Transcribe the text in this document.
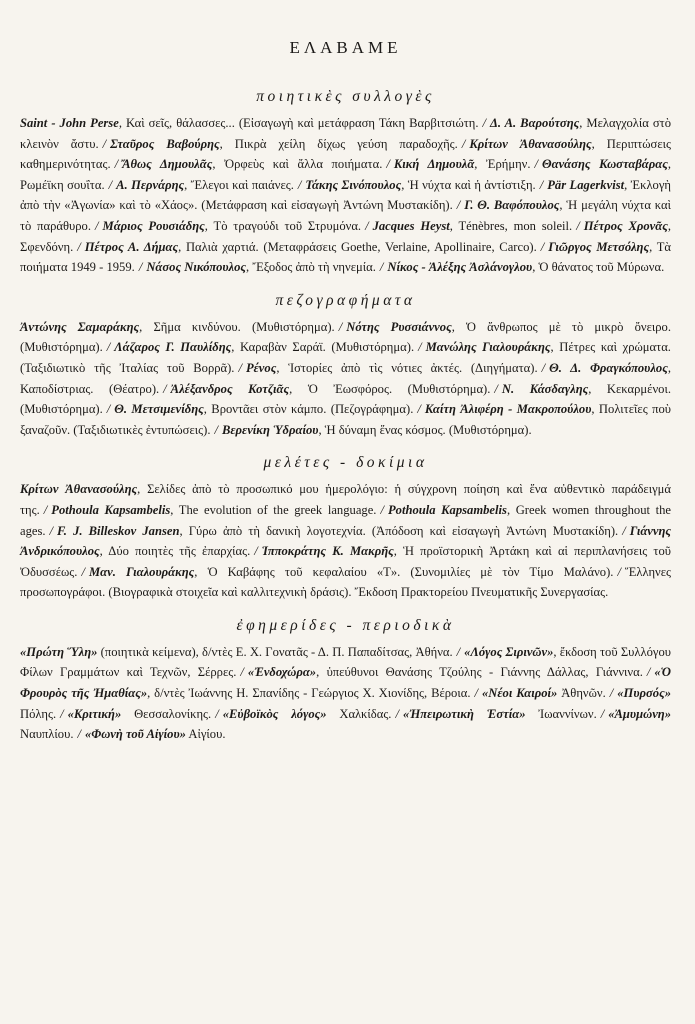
ΕΛΑΒΑΜΕ
ποιητικὲς συλλογὲς

Saint - John Perse, Καὶ σεῖς, θάλασσες... (Εἰσαγωγὴ καὶ μετάφραση Τάκη Βαρβιτσιώτη. / Δ. Α. Βαρούτσης, Μελαγχολία στὸ κλεινὸν ἄστυ. / Σταῦρος Βαβούρης, Πικρὰ χείλη δίχως γεύση παραδοχῆς. / Κρίτων Ἀθανασούλης, Περιπτώσεις καθημερινότητας. / Ἄθως Δημουλᾶς, Ὀρφεὺς καὶ ἄλλα ποιήματα. / Κική Δημουλᾶ, Ἐρήμην. / Θανάσης Κωσταβάρας, Ρωμέϊκη σουΐτα. / Α. Περνάρης, Ἔλεγοι καὶ παιάνες. / Τάκης Σινόπουλος, Ἡ νύχτα καὶ ἡ ἀντίστιξη. / Pär Lagerkvist, Ἐκλογὴ ἀπὸ τὴν «Ἀγωνία» καὶ τὸ «Χάος». (Μετάφραση καὶ εἰσαγωγὴ Ἀντώνη Μυστακίδη). / Γ. Θ. Βαφόπουλος, Ἡ μεγάλη νύχτα καὶ τὸ παράθυρο. / Μάριος Ρουσιάδης, Τὸ τραγούδι τοῦ Στρυμόνα. / Jacques Heyst, Ténèbres, mon soleil. / Πέτρος Χρονᾶς, Σφενδόνη. / Πέτρος Α. Δήμας, Παλιὰ χαρτιά. (Μεταφράσεις Goethe, Verlaine, Apollinaire, Carco). / Γιῶργος Μετσόλης, Τὰ ποιήματα 1949 - 1959. / Νάσος Νικόπουλος, Ἔξοδος ἀπὸ τὴ νηνεμία. / Νίκος - Ἀλέξης Ἀσλάνογλου, Ὁ θάνατος τοῦ Μύρωνα.

πεζογραφήματα

Ἀντώνης Σαμαράκης, Σῆμα κινδύνου. (Μυθιστόρημα). / Νότης Ρυσσιάννος, Ὁ ἄνθρωπος μὲ τὸ μικρὸ ὄνειρο. (Μυθιστόρημα). / Λάζαρος Γ. Παυλίδης, Καραβὰν Σαράϊ. (Μυθιστόρημα). / Μανώλης Γιαλουράκης, Πέτρες καὶ χρώματα. (Ταξιδιωτικὸ τῆς Ἰταλίας τοῦ Βορρᾶ). / Ρένος, Ἱστορίες ἀπὸ τὶς νότιες ἀκτές. (Διηγήματα). / Θ. Δ. Φραγκόπουλος, Καποδίστριας. (Θέατρο). / Ἀλέξανδρος Κοτζιᾶς, Ὁ Ἐωσφόρος. (Μυθιστόρημα). / Ν. Κάσδαγλης, Κεκαρμένοι. (Μυθιστόρημα). / Θ. Μετσιμενίδης, Βροντᾶει στὸν κάμπο. (Πεζογράφημα). / Καίτη Ἀλιφέρη - Μακροπούλου, Πολιτεῖες ποὺ ξαναζοῦν. (Ταξιδιωτικὲς ἐντυπώσεις). / Βερενίκη Ὑδραίου, Ἡ δύναμη ἕνας κόσμος. (Μυθιστόρημα).

μελέτες - δοκίμια

Κρίτων Ἀθανασούλης, Σελίδες ἀπὸ τὸ προσωπικό μου ἡμερολόγιο: ἡ σύγχρονη ποίηση καὶ ἕνα αὐθεντικὸ παράδειγμά της. / Pothoula Kapsambelis, The evolution of the greek language. / Pothoula Kapsambelis, Greek women throughout the ages. / F. J. Billeskov Jansen, Γύρω ἀπὸ τὴ δανικὴ λογοτεχνία. (Ἀπόδοση καὶ εἰσαγωγὴ Ἀντώνη Μυστακίδη). / Γιάννης Ἀνδρικόπουλος, Δύο ποιητὲς τῆς ἐπαρχίας. / Ἱπποκράτης Κ. Μακρῆς, Ἡ προϊστορικὴ Ἀρτάκη καὶ αἱ περιπλανήσεις τοῦ Ὀδυσσέως. / Μαν. Γιαλουράκης, Ὁ Καβάφης τοῦ κεφαλαίου «Τ». (Συνομιλίες μὲ τὸν Τίμο Μαλάνο). / Ἕλληνες προσωπογράφοι. (Βιογραφικὰ στοιχεῖα καὶ καλλιτεχνικὴ δράσις). Ἔκδοση Πρακτορείου Πνευματικῆς Συνεργασίας.

ἐφημερίδες - περιοδικὰ

«Πρώτη Ὕλη» (ποιητικὰ κείμενα), δ/ντὲς Ε. Χ. Γονατᾶς - Δ. Π. Παπαδίτσας, Ἀθήνα. / «Λόγος Σιρινῶν», ἔκδοση τοῦ Συλλόγου Φίλων Γραμμάτων καὶ Τεχνῶν, Σέρρες. / «Ἐνδοχώρα», ὑπεύθυνοι Θανάσης Τζούλης - Γιάννης Δάλλας, Γιάννινα. / «Ὁ Φρουρὸς τῆς Ἠμαθίας», δ/ντὲς Ἰωάννης Η. Σπανίδης - Γεώργιος Χ. Χιονίδης, Βέροια. / «Νέοι Καιροί» Ἀθηνῶν. / «Πυρσός» Πόλης. / «Κριτική» Θεσσαλονίκης. / «Εὐβοϊκὸς λόγος» Χαλκίδας. / «Ἠπειρωτικὴ Ἑστία» Ἰωαννίνων. / «Ἀμυμώνη» Ναυπλίου. / «Φωνὴ τοῦ Αἰγίου» Αἰγίου.
